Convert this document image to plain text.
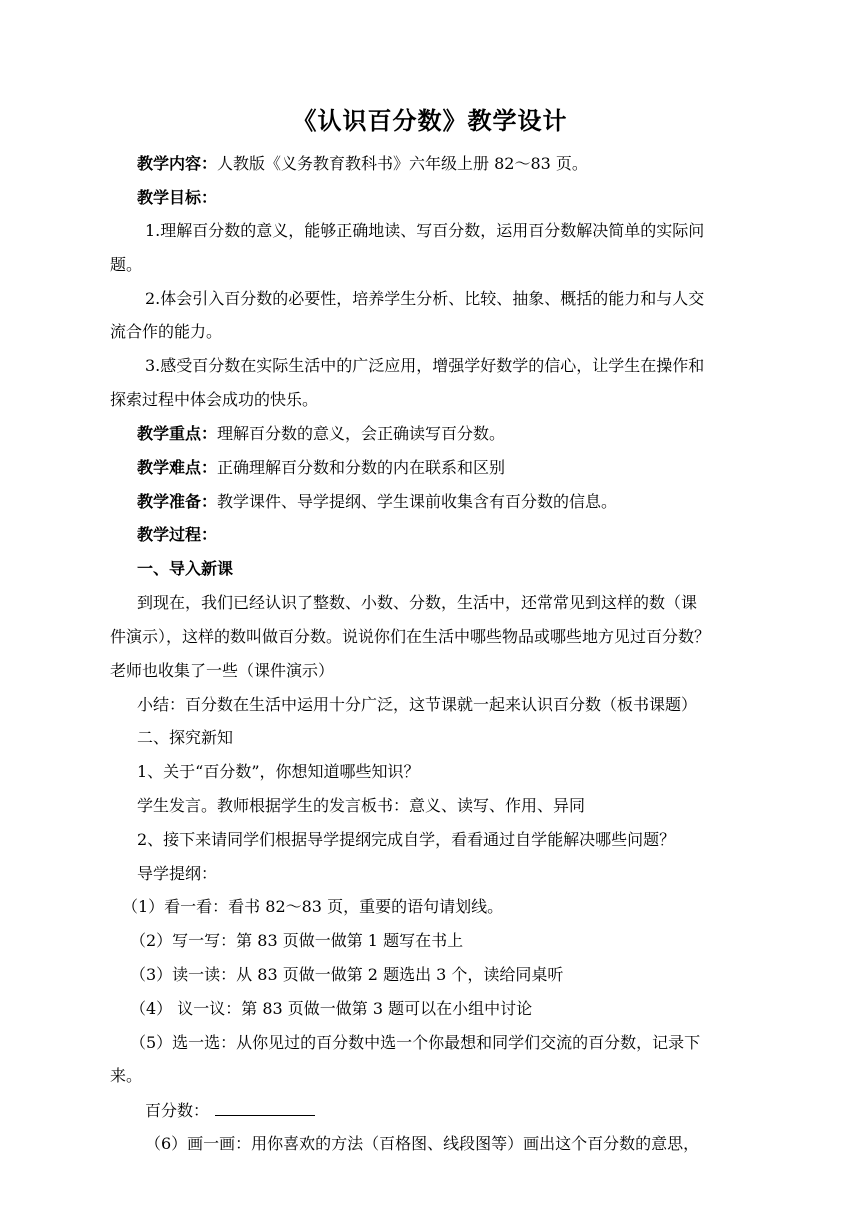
《认识百分数》教学设计
教学内容：人教版《义务教育教科书》六年级上册 82～83 页。
教学目标：
1.理解百分数的意义，能够正确地读、写百分数，运用百分数解决简单的实际问
题。
2.体会引入百分数的必要性，培养学生分析、比较、抽象、概括的能力和与人交
流合作的能力。
3.感受百分数在实际生活中的广泛应用，增强学好数学的信心，让学生在操作和
探索过程中体会成功的快乐。
教学重点：理解百分数的意义，会正确读写百分数。
教学难点：正确理解百分数和分数的内在联系和区别
教学准备：教学课件、导学提纲、学生课前收集含有百分数的信息。
教学过程：
一、导入新课
到现在，我们已经认识了整数、小数、分数，生活中，还常常见到这样的数（课
件演示），这样的数叫做百分数。说说你们在生活中哪些物品或哪些地方见过百分数？
老师也收集了一些（课件演示）
小结：百分数在生活中运用十分广泛，这节课就一起来认识百分数（板书课题）
二、探究新知
1、关于“百分数”，你想知道哪些知识？
学生发言。教师根据学生的发言板书：意义、读写、作用、异同
2、接下来请同学们根据导学提纲完成自学，看看通过自学能解决哪些问题？
导学提纲：
（1）看一看：看书 82～83 页，重要的语句请划线。
（2）写一写：第 83 页做一做第 1 题写在书上
（3）读一读：从 83 页做一做第 2 题选出 3 个，读给同桌听
（4） 议一议：第 83 页做一做第 3 题可以在小组中讨论
（5）选一选：从你见过的百分数中选一个你最想和同学们交流的百分数，记录下
来。
百分数：
（6）画一画：用你喜欢的方法（百格图、线段图等）画出这个百分数的意思，
